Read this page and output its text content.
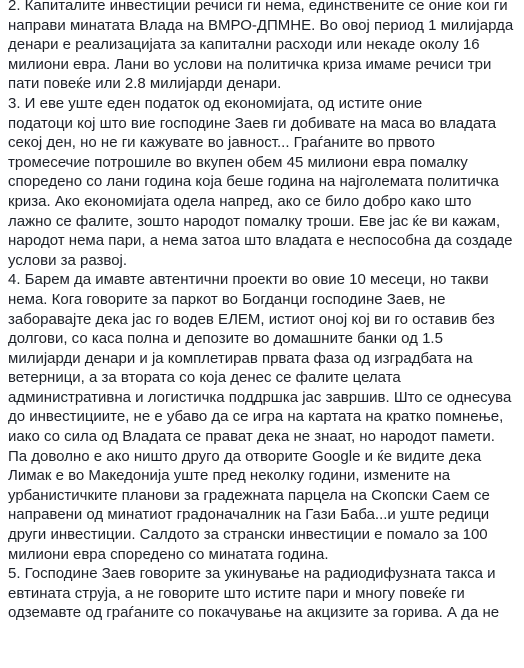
2. Капиталите инвестиции речиси ги нема, единствените се оние кои ги
направи минатата Влада на ВМРО-ДПМНЕ. Во овој период 1 милијарда
денари е реализацијата за капитални расходи или некаде околу 16
милиони евра. Лани во услови на политичка криза имаме речиси три
пати повеќе или 2.8 милијарди денари.
3. И еве уште еден податок од економијата, од истите оние
податоци кој што вие господине Заев ги добивате на маса во владата
секој ден, но не ги кажувате во јавност... Граѓаните во првото
тромесечие потрошиле во вкупен обем 45 милиони евра помалку
споредено со лани година која беше година на најголемата политичка
криза. Ако економијата одела напред, ако се било добро како што
лажно се фалите, зошто народот помалку троши. Еве јас ќе ви кажам,
народот нема пари, а нема затоа што владата е неспособна да создаде
услови за развој.
4. Барем да имавте автентични проекти во овие 10 месеци, но такви
нема. Кога говорите за паркот во Богданци господине Заев, не
заборавајте дека јас го водев ЕЛЕМ, истиот оној кој ви го оставив без
долгови, со каса полна и депозите во домашните банки од 1.5
милијарди денари и ја комплетирав првата фаза од изградбата на
ветерници, а за втората со која денес се фалите целата
административна и логистичка поддршка јас завршив. Што се однесува
до инвестициите, не е убаво да се игра на картата на кратко помнење,
иако со сила од Владата се прават дека не знаат, но народот памети.
Па доволно е ако ништо друго да отворите Google и ќе видите дека
Лимак е во Македонија уште пред неколку години, измените на
урбанистичките планови за градежната парцела на Скопски Саем се
направени од минатиот градоначалник на Гази Баба...и уште редици
други инвестиции. Салдото за странски инвестиции е помало за 100
милиони евра споредено со минатата година.
5. Господине Заев говорите за укинување на радиодифузната такса и
евтината струја, а не говорите што истите пари и многу повеќе ги
одземавте од граѓаните со покачување на акцизите за горива. А да не
